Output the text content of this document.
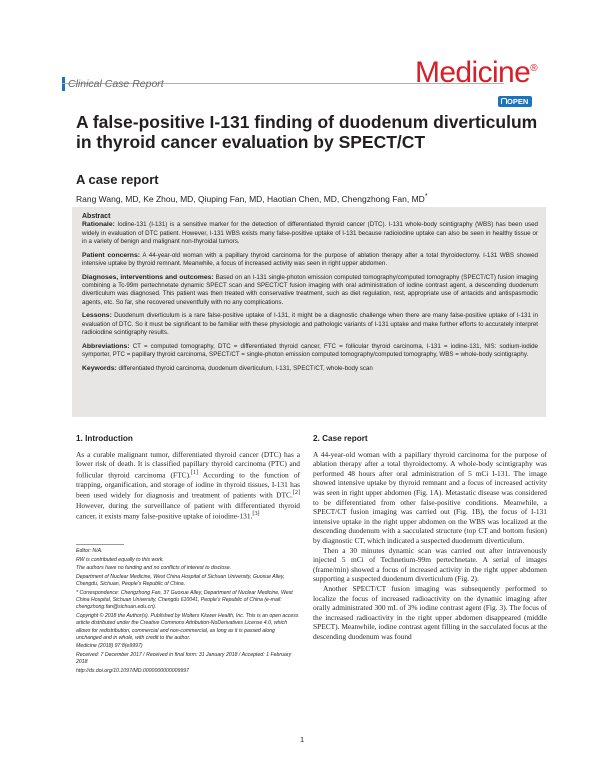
Clinical Case Report	Medicine®
OPEN
A false-positive I-131 finding of duodenum diverticulum in thyroid cancer evaluation by SPECT/CT
A case report
Rang Wang, MD, Ke Zhou, MD, Qiuping Fan, MD, Haotian Chen, MD, Chengzhong Fan, MD*
Abstract

Rationale: Iodine-131 (I-131) is a sensitive marker for the detection of differentiated thyroid cancer (DTC). I-131 whole-body scintigraphy (WBS) has been used widely in evaluation of DTC patient. However, I-131 WBS exists many false-positive uptake of I-131 because radioiodine uptake can also be seen in healthy tissue or in a variety of benign and malignant non-thyroidal tumors.

Patient concerns: A 44-year-old woman with a papillary thyroid carcinoma for the purpose of ablation therapy after a total thyroidectomy. I-131 WBS showed intensive uptake by thyroid remnant. Meanwhile, a focus of increased activity was seen in right upper abdomen.

Diagnoses, interventions and outcomes: Based on an I-131 single-photon emission computed tomography/computed tomography (SPECT/CT) fusion imaging combining a Tc-99m pertechnetate dynamic SPECT scan and SPECT/CT fusion imaging with oral administration of iodine contrast agent, a descending duodenum diverticulum was diagnosed. This patient was then treated with conservative treatment, such as diet regulation, rest, appropriate use of antacids and antispasmodic agents, etc. So far, she recovered uneventfully with no any complications.

Lessons: Duodenum diverticulum is a rare false-positive uptake of I-131, it might be a diagnostic challenge when there are many false-positive uptake of I-131 in evaluation of DTC. So it must be significant to be familiar with these physiologic and pathologic variants of I-131 uptake and make further efforts to accurately interpret radioiodine scintigraphy results.

Abbreviations: CT = computed tomography, DTC = differentiated thyroid cancer, FTC = follicular thyroid carcinoma, I-131 = iodine-131, NIS: sodium-iodide symporter, PTC = papillary thyroid carcinoma, SPECT/CT = single-photon emission computed tomography/computed tomography, WBS = whole-body scintigraphy.

Keywords: differentiated thyroid carcinoma, duodenum diverticulum, I-131, SPECT/CT, whole-body scan

1. Introduction

As a curable malignant tumor, differentiated thyroid cancer (DTC) has a lower risk of death. It is classified papillary thyroid carcinoma (PTC) and follicular thyroid carcinoma (FTC).[1] According to the function of trapping, organification, and storage of iodine in thyroid tissues, I-131 has been used widely for diagnosis and treatment of patients with DTC.[2] However, during the surveillance of patient with differentiated thyroid cancer, it exists many false-positive uptake of ioiodine-131.[3]

Editor: N/A.

RW is contributed equally to this work.

The authors have no funding and no conflicts of interest to disclose.

Department of Nuclear Medicine, West China Hospital of Sichuan University, Guoxue Alley, Chengdu, Sichuan, People's Republic of China.

* Correspondence: Chengzhong Fan, 37 Guoxue Alley, Department of Nuclear Medicine, West China Hospital, Sichuan University, Chengdu 610041, People's Republic of China (e-mail: chengzhong.fan@sichuan.edu.cn).

Copyright © 2018 the Author(s). Published by Wolters Kluwer Health, Inc. This is an open access article distributed under the Creative Commons Attribution-NoDerivatives License 4.0, which allows for redistribution, commercial and non-commercial, as long as it is passed along unchanged and in whole, with credit to the author.

Medicine (2018) 97:8(e9997)

Received: 7 December 2017 / Received in final form: 31 January 2018 / Accepted: 1 February 2018

http://dx.doi.org/10.1097/MD.0000000000009997

2. Case report

A 44-year-old woman with a papillary thyroid carcinoma for the purpose of ablation therapy after a total thyroidectomy. A whole-body scintigraphy was performed 48 hours after oral administration of 5 mCi I-131. The image showed intensive uptake by thyroid remnant and a focus of increased activity was seen in right upper abdomen (Fig. 1A). Metastatic disease was considered to be differentiated from other false-positive conditions. Meanwhile, a SPECT/CT fusion imaging was carried out (Fig. 1B), the focus of I-131 intensive uptake in the right upper abdomen on the WBS was localized at the descending duodenum with a sacculated structure (top CT and bottom fusion) by diagnostic CT, which indicated a suspected duodenum diverticulum.

Then a 30 minutes dynamic scan was carried out after intravenously injected 5 mCi of Technetium-99m pertechnetate. A serial of images (frame/min) showed a focus of increased activity in the right upper abdomen supporting a suspected duodenum diverticulum (Fig. 2).

Another SPECT/CT fusion imaging was subsequently performed to localize the focus of increased radioactivity on the dynamic imaging after orally administrated 300 mL of 3% iodine contrast agent (Fig. 3). The focus of the increased radioactivity in the right upper abdomen disappeared (middle SPECT). Meanwhile, iodine contrast agent filling in the sacculated focus at the descending duodenum was found

1
